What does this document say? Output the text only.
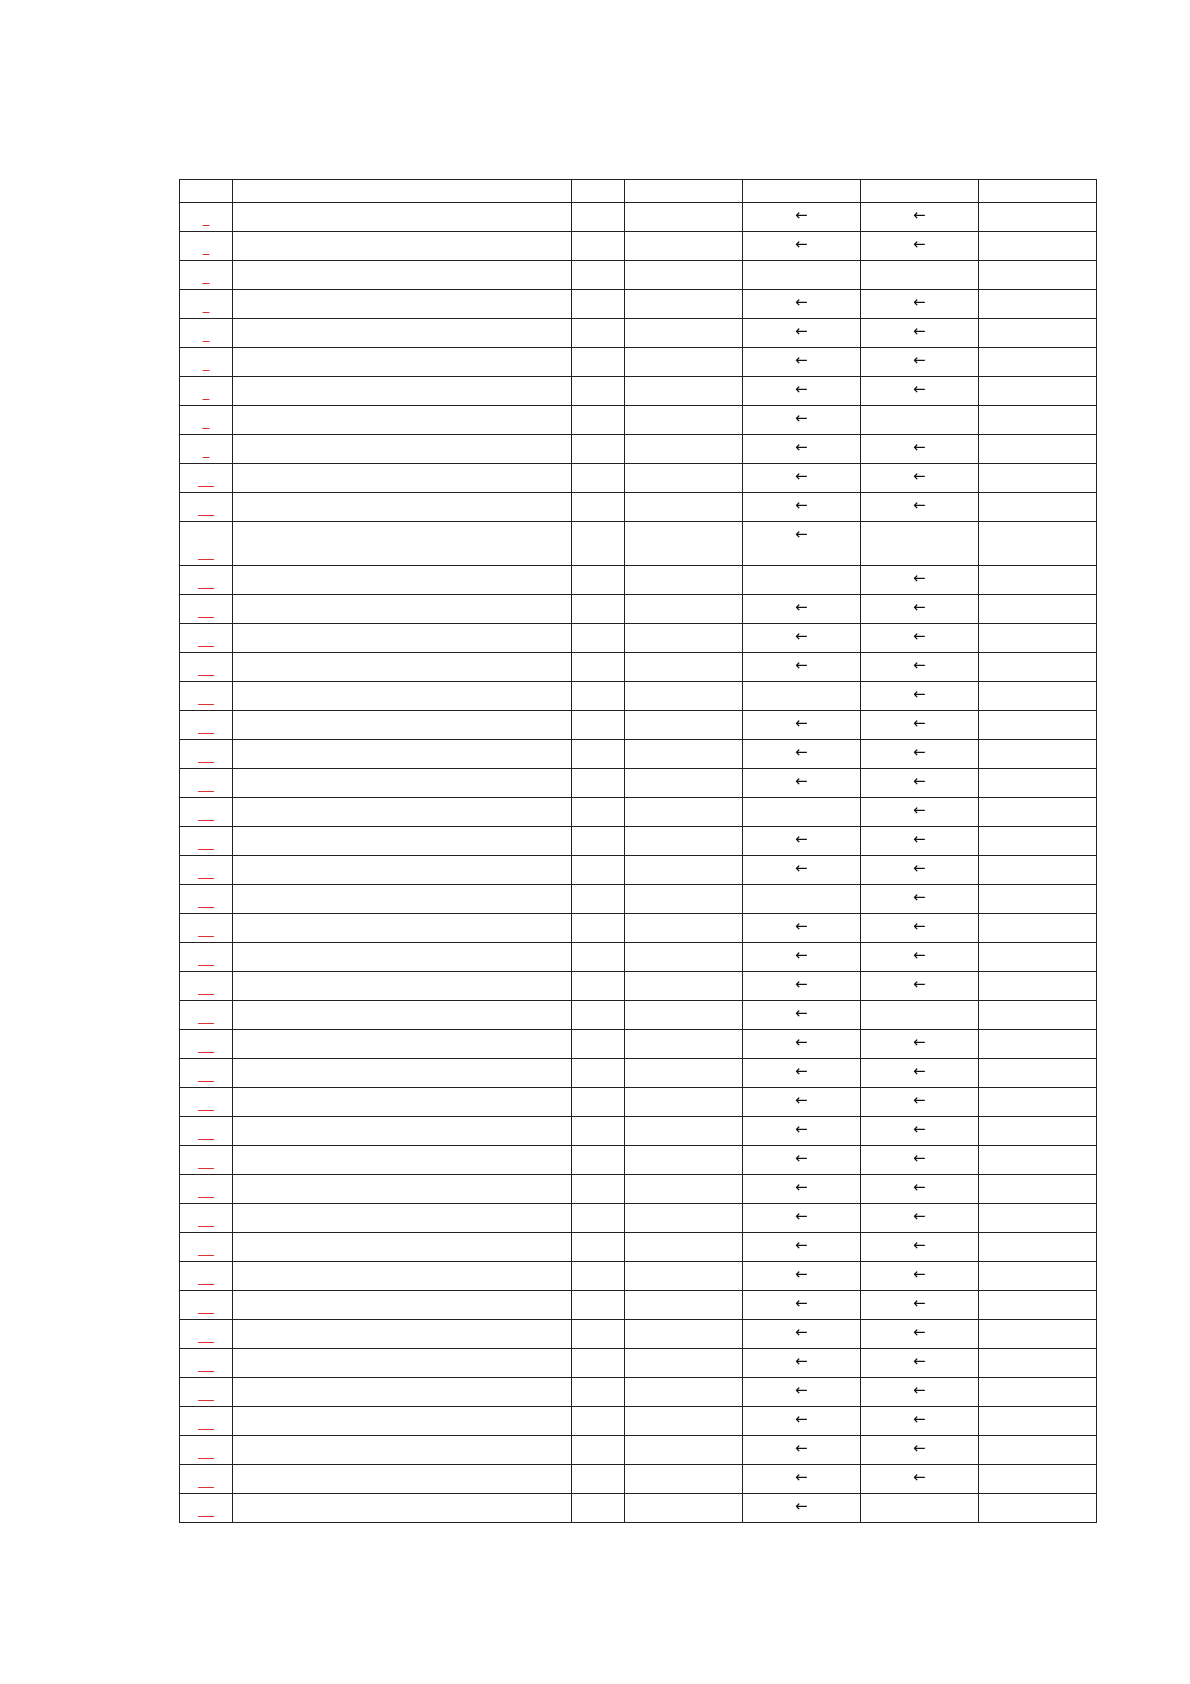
				←	←	

				←	←	

				←	←	

				←	←	

				←	←	

				←	←	

				←		

				←	←	

				←	←	

				←	←	

				←		

					←	

				←	←	

				←	←	

				←	←	

					←	

				←	←	

				←	←	

				←	←	

					←	

				←	←	

				←	←	

					←	

				←	←	

				←	←	

				←	←	

				←		

				←	←	

				←	←	

				←	←	

				←	←	

				←	←	

				←	←	

				←	←	

				←	←	

				←	←	

				←	←	

				←	←	

				←	←	

				←	←	

				←	←	

				←	←	

				←	←	

				←		
